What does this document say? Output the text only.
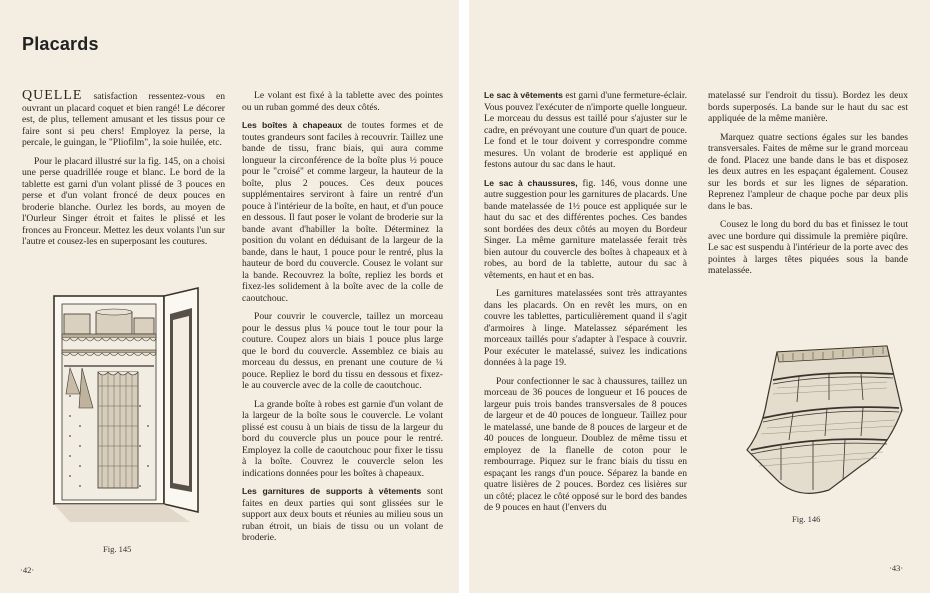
Placards

QUELLE satisfaction ressentez-vous en ouvrant un placard coquet et bien rangé! Le décorer est, de plus, tellement amusant et les tissus pour ce faire sont si peu chers! Employez la perse, la percale, le guingan, le "Pliofilm", la soie huilée, etc.

Pour le placard illustré sur la fig. 145, on a choisi une perse quadrillée rouge et blanc. Le bord de la tablette est garni d'un volant plissé de 3 pouces en perse et d'un volant froncé de deux pouces en broderie blanche. Ourlez les bords, au moyen de l'Ourleur Singer étroit et faites le plissé et les fronces au Fronceur. Mettez les deux volants l'un sur l'autre et cousez-les en superposant les coutures.

Fig. 145
·42·

Le volant est fixé à la tablette avec des pointes ou un ruban gommé des deux côtés.

Les boîtes à chapeaux de toutes formes et de toutes grandeurs sont faciles à recouvrir. Taillez une bande de tissu, franc biais, qui aura comme longueur la circonférence de la boîte plus ½ pouce pour le "croisé" et comme largeur, la hauteur de la boîte, plus 2 pouces. Ces deux pouces supplémentaires serviront à faire un rentré d'un pouce à l'intérieur de la boîte, en haut, et d'un pouce en dessous. Il faut poser le volant de broderie sur la bande avant d'habiller la boîte. Déterminez la position du volant en déduisant de la largeur de la bande, dans le haut, 1 pouce pour le rentré, plus la hauteur de bord du couvercle. Cousez le volant sur la bande. Recouvrez la boîte, repliez les bords et fixez-les solidement à la boîte avec de la colle de caoutchouc.

Pour couvrir le couvercle, taillez un morceau pour le dessus plus ¼ pouce tout le tour pour la couture. Coupez alors un biais 1 pouce plus large que le bord du couvercle. Assemblez ce biais au morceau du dessus, en prenant une couture de ¼ pouce. Repliez le bord du tissu en dessous et fixez-le au couvercle avec de la colle de caoutchouc.

La grande boîte à robes est garnie d'un volant de la largeur de la boîte sous le couvercle. Le volant plissé est cousu à un biais de tissu de la largeur du bord du couvercle plus un pouce pour le rentré. Employez la colle de caoutchouc pour fixer le tissu à la boîte. Couvrez le couvercle selon les indications données pour les boîtes à chapeaux.

Les garnitures de supports à vêtements sont faites en deux parties qui sont glissées sur le support aux deux bouts et réunies au milieu sous un ruban étroit, un biais de tissu ou un volant de broderie.

Le sac à vêtements est garni d'une fermeture-éclair. Vous pouvez l'exécuter de n'importe quelle longueur. Le morceau du dessus est taillé pour s'ajuster sur le cadre, en prévoyant une couture d'un quart de pouce. Le fond et le tour doivent y correspondre comme mesures. Un volant de broderie est appliqué en festons autour du sac dans le haut.

Le sac à chaussures, fig. 146, vous donne une autre suggestion pour les garnitures de placards. Une bande matelassée de 1½ pouce est appliquée sur le haut du sac et des différentes poches. Ces bandes sont bordées des deux côtés au moyen du Bordeur Singer. La même garniture matelassée ferait très bien autour du couvercle des boîtes à chapeaux et à robes, au bord de la tablette, autour du sac à vêtements, en haut et en bas.

Les garnitures matelassées sont très attrayantes dans les placards. On en revêt les murs, on en couvre les tablettes, particulièrement quand il s'agit d'armoires à linge. Matelassez séparément les morceaux taillés pour s'adapter à l'espace à couvrir. Pour exécuter le matelassé, suivez les indications données à la page 19.

Pour confectionner le sac à chaussures, taillez un morceau de 36 pouces de longueur et 16 pouces de largeur puis trois bandes transversales de 8 pouces de largeur et de 40 pouces de longueur. Taillez pour le matelassé, une bande de 8 pouces de largeur et de 40 pouces de longueur. Doublez de même tissu et employez de la flanelle de coton pour le rembourrage. Piquez sur le franc biais du tissu en espaçant les rangs d'un pouce. Séparez la bande en quatre lisières de 2 pouces. Bordez ces lisières sur un côté; placez le côté opposé sur le bord des bandes de 9 pouces en haut (l'envers du

matelassé sur l'endroit du tissu). Bordez les deux bords superposés. La bande sur le haut du sac est appliquée de la même manière.

Marquez quatre sections égales sur les bandes transversales. Faites de même sur le grand morceau de fond. Placez une bande dans le bas et disposez les deux autres en les espaçant également. Cousez sur les bords et sur les lignes de séparation. Reprenez l'ampleur de chaque poche par deux plis dans le bas.

Cousez le long du bord du bas et finissez le tout avec une bordure qui dissimule la première piqûre. Le sac est suspendu à l'intérieur de la porte avec des pointes à larges têtes piquées sous la bande matelassée.

Fig. 146
·43·
